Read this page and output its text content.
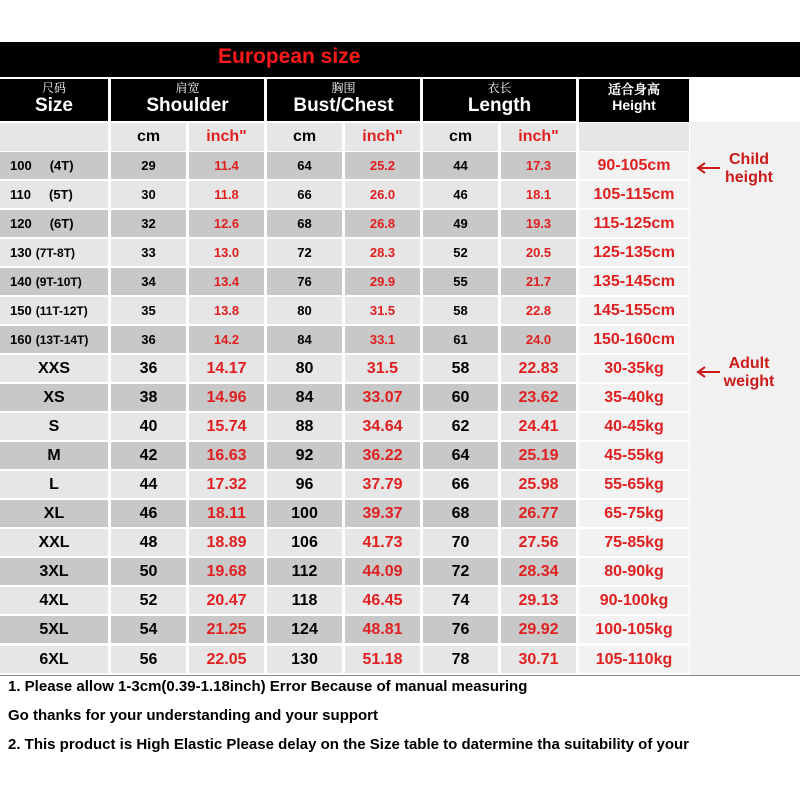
European size
尺码
Size
肩宽
Shoulder
胸围
Bust/Chest
衣长
Length
适合身高
Height
cm	inch"	cm	inch"	cm	inch"
Child
height
Adult
weight
100 (4T)	29	11.4	64	25.2	44	17.3	90-105cm
110 (5T)	30	11.8	66	26.0	46	18.1	105-115cm
120 (6T)	32	12.6	68	26.8	49	19.3	115-125cm
130 (7T-8T)	33	13.0	72	28.3	52	20.5	125-135cm
140 (9T-10T)	34	13.4	76	29.9	55	21.7	135-145cm
150 (11T-12T)	35	13.8	80	31.5	58	22.8	145-155cm
160 (13T-14T)	36	14.2	84	33.1	61	24.0	150-160cm
XXS	36	14.17	80	31.5	58	22.83	30-35kg
XS	38	14.96	84	33.07	60	23.62	35-40kg
S	40	15.74	88	34.64	62	24.41	40-45kg
M	42	16.63	92	36.22	64	25.19	45-55kg
L	44	17.32	96	37.79	66	25.98	55-65kg
XL	46	18.11	100	39.37	68	26.77	65-75kg
XXL	48	18.89	106	41.73	70	27.56	75-85kg
3XL	50	19.68	112	44.09	72	28.34	80-90kg
4XL	52	20.47	118	46.45	74	29.13	90-100kg
5XL	54	21.25	124	48.81	76	29.92	100-105kg
6XL	56	22.05	130	51.18	78	30.71	105-110kg
1. Please allow 1-3cm(0.39-1.18inch) Error Because of manual measuring
Go thanks for your understanding and your support
2. This product is High Elastic Please delay on the Size table to datermine tha suitability of your
